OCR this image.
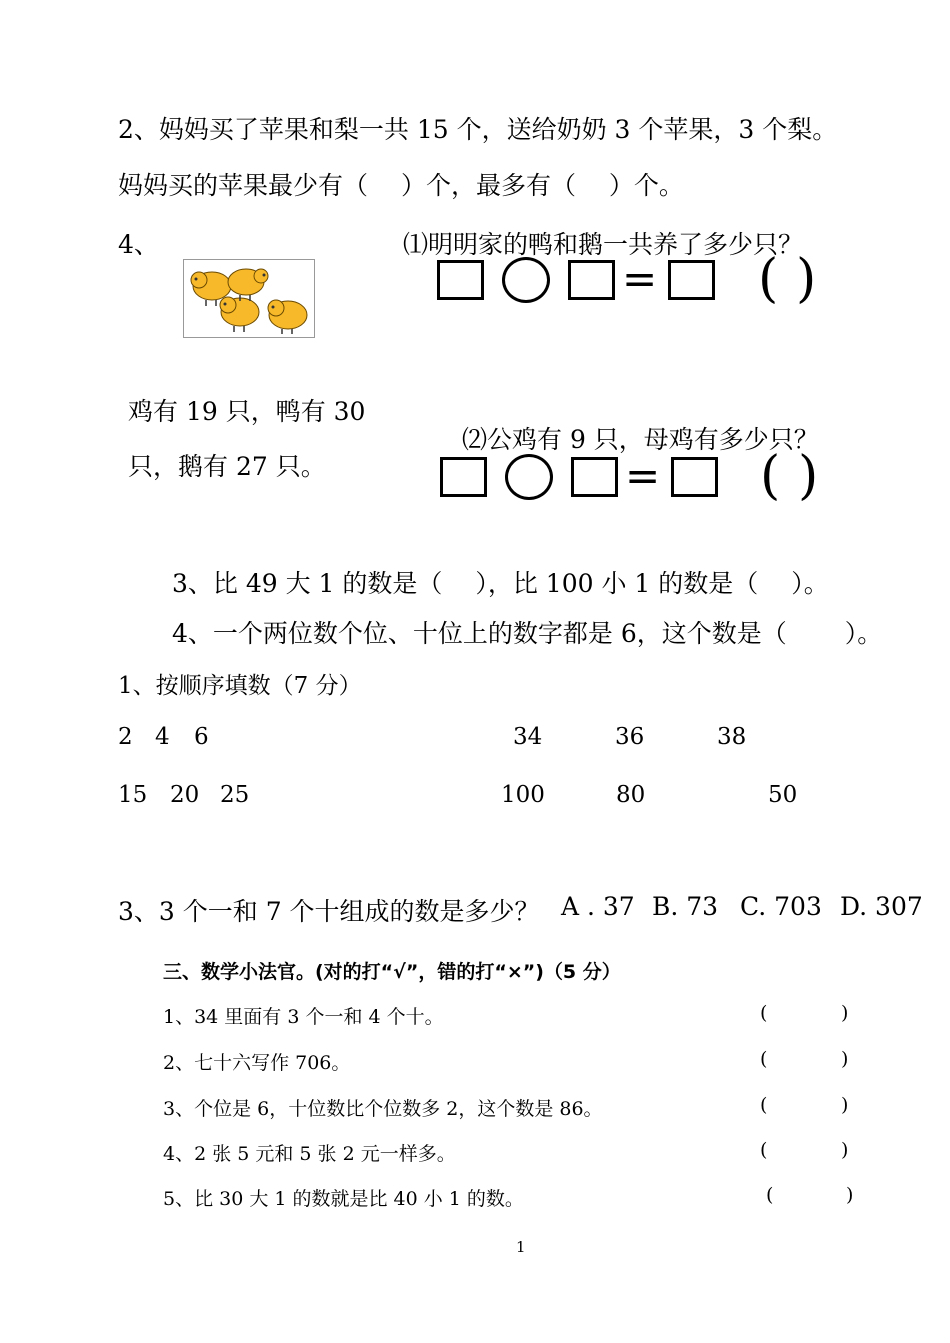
2、妈妈买了苹果和梨一共 15 个，送给奶奶 3 个苹果，3 个梨。
妈妈买的苹果最少有（　 ）个，最多有（　 ）个。
4、	⑴明明家的鸭和鹅一共养了多少只？
= ( )
鸡有 19 只，鸭有 30
⑵公鸡有 9 只，母鸡有多少只？
只，鹅有 27 只。	= ( )
3、比 49 大 1 的数是（　 ），比 100 小 1 的数是（　 ）。
4、一个两位数个位、十位上的数字都是 6，这个数是（　　 ）。
1、按顺序填数（7 分）
2 4 6	34	36	38
15 20 25	100	80	50
3、3 个一和 7 个十组成的数是多少？ A . 37 B. 73 C. 703 D. 307
三、数学小法官。(对的打“√”，错的打“×”)（5 分）
1、34 里面有 3 个一和 4 个十。	(	)
2、七十六写作 706。	(	)
3、个位是 6，十位数比个位数多 2，这个数是 86。	(	)
4、2 张 5 元和 5 张 2 元一样多。	(	)
5、比 30 大 1 的数就是比 40 小 1 的数。	(	)
1
